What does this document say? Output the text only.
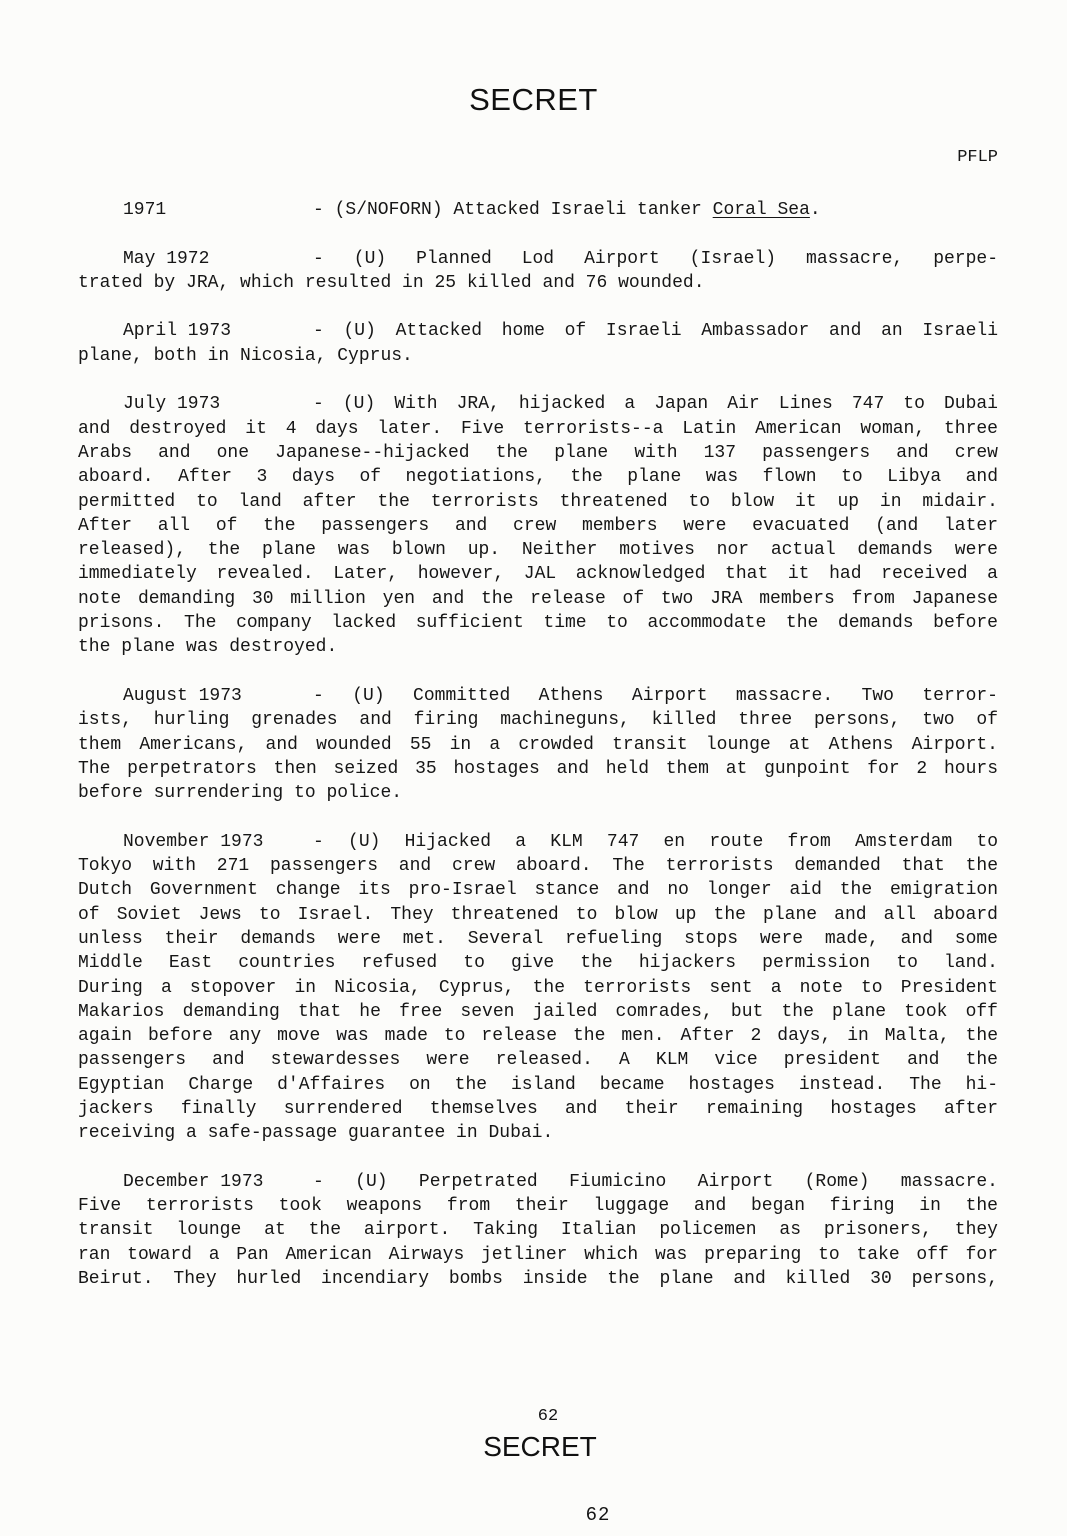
SECRET
PFLP
1971	- (S/NOFORN) Attacked Israeli tanker Coral Sea.
May 1972	- (U) Planned Lod Airport (Israel) massacre, perpe-
trated by JRA, which resulted in 25 killed and 76 wounded.
April 1973	- (U) Attacked home of Israeli Ambassador and an Israeli
plane, both in Nicosia, Cyprus.
July 1973	- (U) With JRA, hijacked a Japan Air Lines 747 to Dubai
and destroyed it 4 days later. Five terrorists--a Latin American woman, three
Arabs and one Japanese--hijacked the plane with 137 passengers and crew
aboard. After 3 days of negotiations, the plane was flown to Libya and
permitted to land after the terrorists threatened to blow it up in midair.
After all of the passengers and crew members were evacuated (and later
released), the plane was blown up. Neither motives nor actual demands were
immediately revealed. Later, however, JAL acknowledged that it had received a
note demanding 30 million yen and the release of two JRA members from Japanese
prisons. The company lacked sufficient time to accommodate the demands before
the plane was destroyed.
August 1973	- (U) Committed Athens Airport massacre. Two terror-
ists, hurling grenades and firing machineguns, killed three persons, two of
them Americans, and wounded 55 in a crowded transit lounge at Athens Airport.
The perpetrators then seized 35 hostages and held them at gunpoint for 2 hours
before surrendering to police.
November 1973	- (U) Hijacked a KLM 747 en route from Amsterdam to
Tokyo with 271 passengers and crew aboard. The terrorists demanded that the
Dutch Government change its pro-Israel stance and no longer aid the emigration
of Soviet Jews to Israel. They threatened to blow up the plane and all aboard
unless their demands were met. Several refueling stops were made, and some
Middle East countries refused to give the hijackers permission to land.
During a stopover in Nicosia, Cyprus, the terrorists sent a note to President
Makarios demanding that he free seven jailed comrades, but the plane took off
again before any move was made to release the men. After 2 days, in Malta, the
passengers and stewardesses were released. A KLM vice president and the
Egyptian Charge d'Affaires on the island became hostages instead. The hi-
jackers finally surrendered themselves and their remaining hostages after
receiving a safe-passage guarantee in Dubai.
December 1973	- (U) Perpetrated Fiumicino Airport (Rome) massacre.
Five terrorists took weapons from their luggage and began firing in the
transit lounge at the airport. Taking Italian policemen as prisoners, they
ran toward a Pan American Airways jetliner which was preparing to take off for
Beirut. They hurled incendiary bombs inside the plane and killed 30 persons,
62
SECRET
62
